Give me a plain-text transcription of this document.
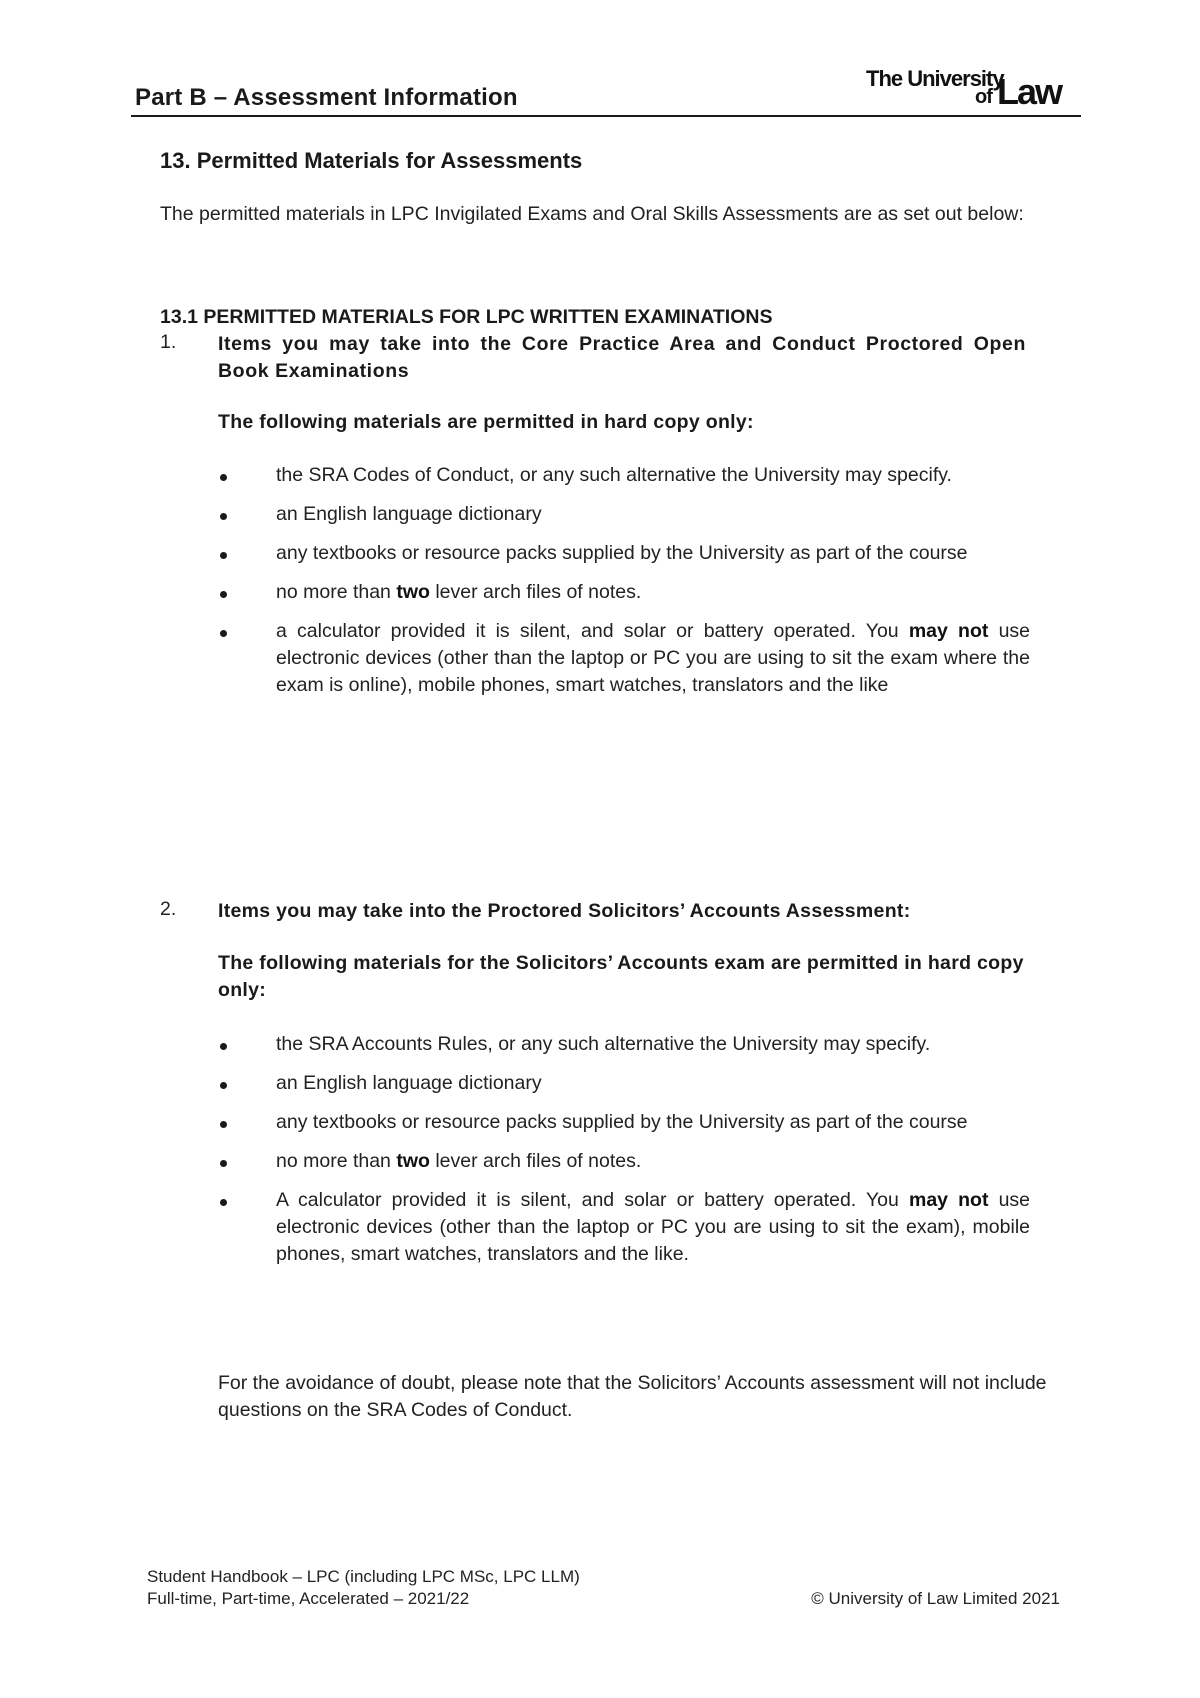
Part B – Assessment Information
The University
of Law
13. Permitted Materials for Assessments
The permitted materials in LPC Invigilated Exams and Oral Skills Assessments are as set out below:
13.1 PERMITTED MATERIALS FOR LPC WRITTEN EXAMINATIONS
1. Items you may take into the Core Practice Area and Conduct Proctored Open Book Examinations
The following materials are permitted in hard copy only:
the SRA Codes of Conduct, or any such alternative the University may specify.
an English language dictionary
any textbooks or resource packs supplied by the University as part of the course
no more than two lever arch files of notes.
a calculator provided it is silent, and solar or battery operated. You may not use electronic devices (other than the laptop or PC you are using to sit the exam where the exam is online), mobile phones, smart watches, translators and the like
2. Items you may take into the Proctored Solicitors’ Accounts Assessment:
The following materials for the Solicitors’ Accounts exam are permitted in hard copy only:
the SRA Accounts Rules, or any such alternative the University may specify.
an English language dictionary
any textbooks or resource packs supplied by the University as part of the course
no more than two lever arch files of notes.
A calculator provided it is silent, and solar or battery operated. You may not use electronic devices (other than the laptop or PC you are using to sit the exam), mobile phones, smart watches, translators and the like.
For the avoidance of doubt, please note that the Solicitors’ Accounts assessment will not include questions on the SRA Codes of Conduct.
Student Handbook – LPC (including LPC MSc, LPC LLM)
Full-time, Part-time, Accelerated – 2021/22	© University of Law Limited 2021
